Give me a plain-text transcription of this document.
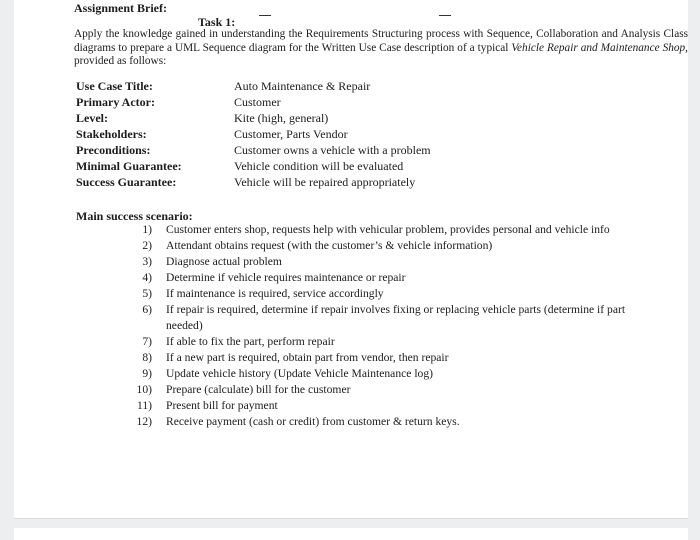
Assignment Brief:
Task 1:
Apply the knowledge gained in understanding the Requirements Structuring process with Sequence, Collaboration and Analysis Class diagrams to prepare a UML Sequence diagram for the Written Use Case description of a typical Vehicle Repair and Maintenance Shop, provided as follows:
Use Case Title:	Auto Maintenance & Repair
Primary Actor:	Customer
Level:	Kite (high, general)
Stakeholders:	Customer, Parts Vendor
Preconditions:	Customer owns a vehicle with a problem
Minimal Guarantee:	Vehicle condition will be evaluated
Success Guarantee:	Vehicle will be repaired appropriately
Main success scenario:
1) Customer enters shop, requests help with vehicular problem, provides personal and vehicle info
2) Attendant obtains request (with the customer’s & vehicle information)
3) Diagnose actual problem
4) Determine if vehicle requires maintenance or repair
5) If maintenance is required, service accordingly
6) If repair is required, determine if repair involves fixing or replacing vehicle parts (determine if part needed)
7) If able to fix the part, perform repair
8) If a new part is required, obtain part from vendor, then repair
9) Update vehicle history (Update Vehicle Maintenance log)
10) Prepare (calculate) bill for the customer
11) Present bill for payment
12) Receive payment (cash or credit) from customer & return keys.
